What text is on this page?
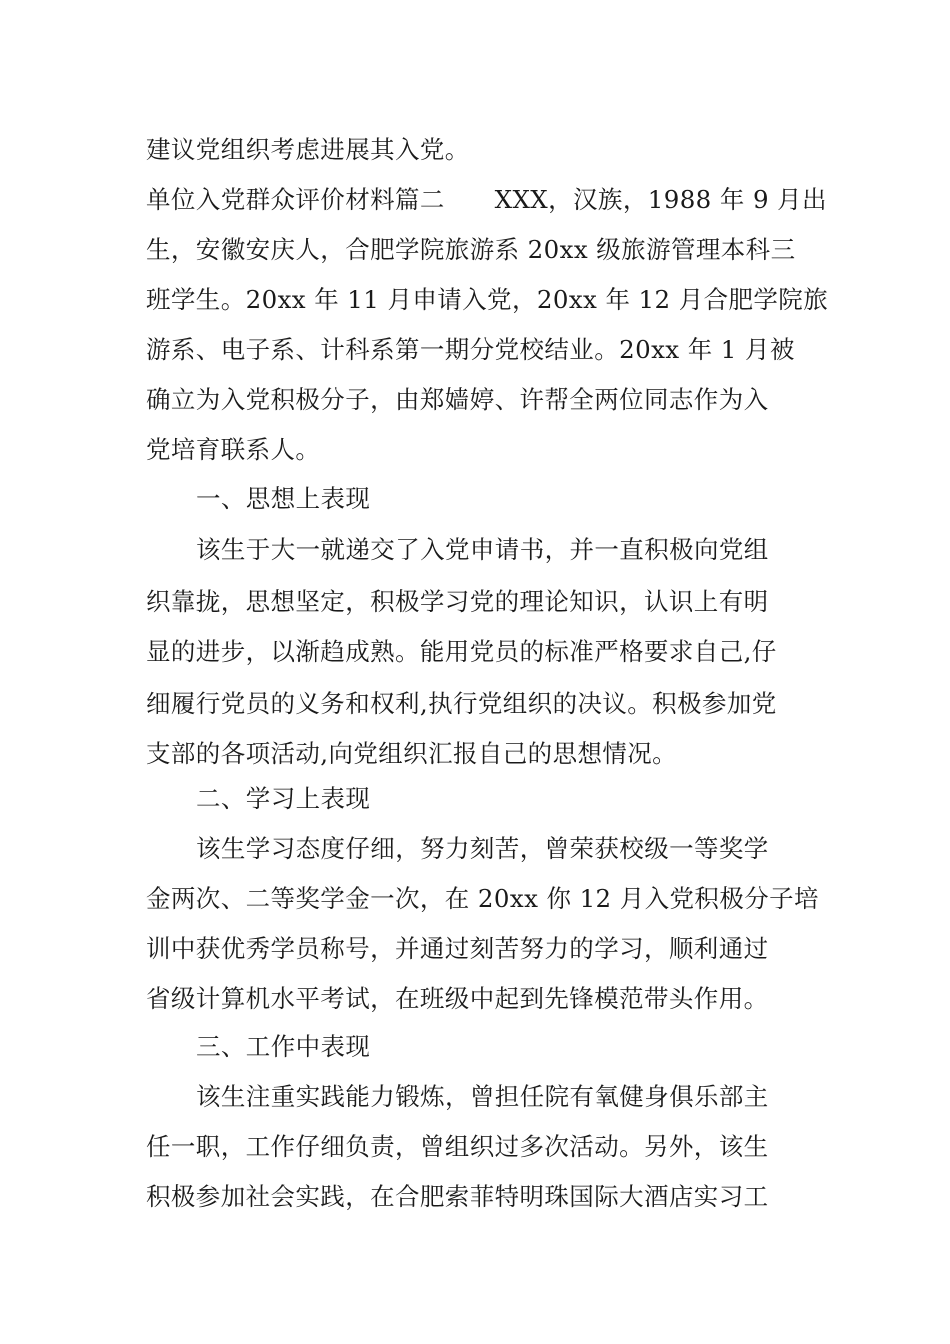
建议党组织考虑进展其入党。
单位入党群众评价材料篇二　　XXX，汉族，1988 年 9 月出
生，安徽安庆人，合肥学院旅游系 20xx 级旅游管理本科三
班学生。20xx 年 11 月申请入党，20xx 年 12 月合肥学院旅
游系、电子系、计科系第一期分党校结业。20xx 年 1 月被
确立为入党积极分子，由郑嫱婷、许帮全两位同志作为入
党培育联系人。
一、思想上表现
该生于大一就递交了入党申请书，并一直积极向党组
织靠拢，思想坚定，积极学习党的理论知识，认识上有明
显的进步，以渐趋成熟。能用党员的标准严格要求自己,仔
细履行党员的义务和权利,执行党组织的决议。积极参加党
支部的各项活动,向党组织汇报自己的思想情况。
二、学习上表现
该生学习态度仔细，努力刻苦，曾荣获校级一等奖学
金两次、二等奖学金一次，在 20xx 你 12 月入党积极分子培
训中获优秀学员称号，并通过刻苦努力的学习，顺利通过
省级计算机水平考试，在班级中起到先锋模范带头作用。
三、工作中表现
该生注重实践能力锻炼，曾担任院有氧健身俱乐部主
任一职，工作仔细负责，曾组织过多次活动。另外，该生
积极参加社会实践，在合肥索菲特明珠国际大酒店实习工
